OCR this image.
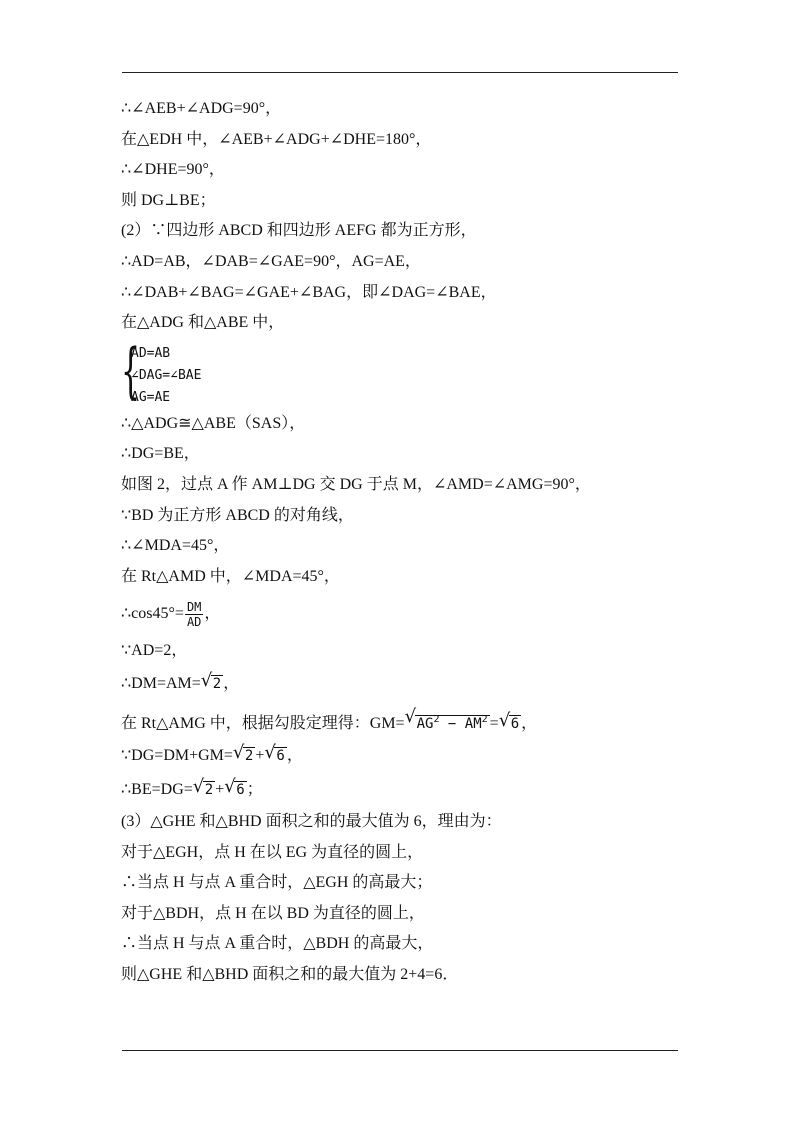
∴∠AEB+∠ADG=90°，
在△EDH 中，∠AEB+∠ADG+∠DHE=180°，
∴∠DHE=90°，
则 DG⊥BE；
(2）∵四边形 ABCD 和四边形 AEFG 都为正方形，
∴AD=AB，∠DAB=∠GAE=90°，AG=AE，
∴∠DAB+∠BAG=∠GAE+∠BAG，即∠DAG=∠BAE，
在△ADG 和△ABE 中，
{
AD=AB
∠DAG=∠BAE
AG=AE
∴△ADG≅△ABE（SAS），
∴DG=BE，
如图 2，过点 A 作 AM⊥DG 交 DG 于点 M，∠AMD=∠AMG=90°，
∵BD 为正方形 ABCD 的对角线，
∴∠MDA=45°，
在 Rt△AMD 中，∠MDA=45°，
∴cos45°= $\frac{DM}{AD}$ ，
∵AD=2，
∴DM=AM= √ 2 ，
在 Rt△AMG 中，根据勾股定理得：GM= √ $AG^2 - AM^2$ = √ 6 ，
∵DG=DM+GM= √ 2 + √ 6 ，
∴BE=DG= √ 2 + √ 6 ；
(3）△GHE 和△BHD 面积之和的最大值为 6，理由为：
对于△EGH，点 H 在以 EG 为直径的圆上，
∴当点 H 与点 A 重合时，△EGH 的高最大；
对于△BDH，点 H 在以 BD 为直径的圆上，
∴当点 H 与点 A 重合时，△BDH 的高最大，
则△GHE 和△BHD 面积之和的最大值为 2+4=6．
